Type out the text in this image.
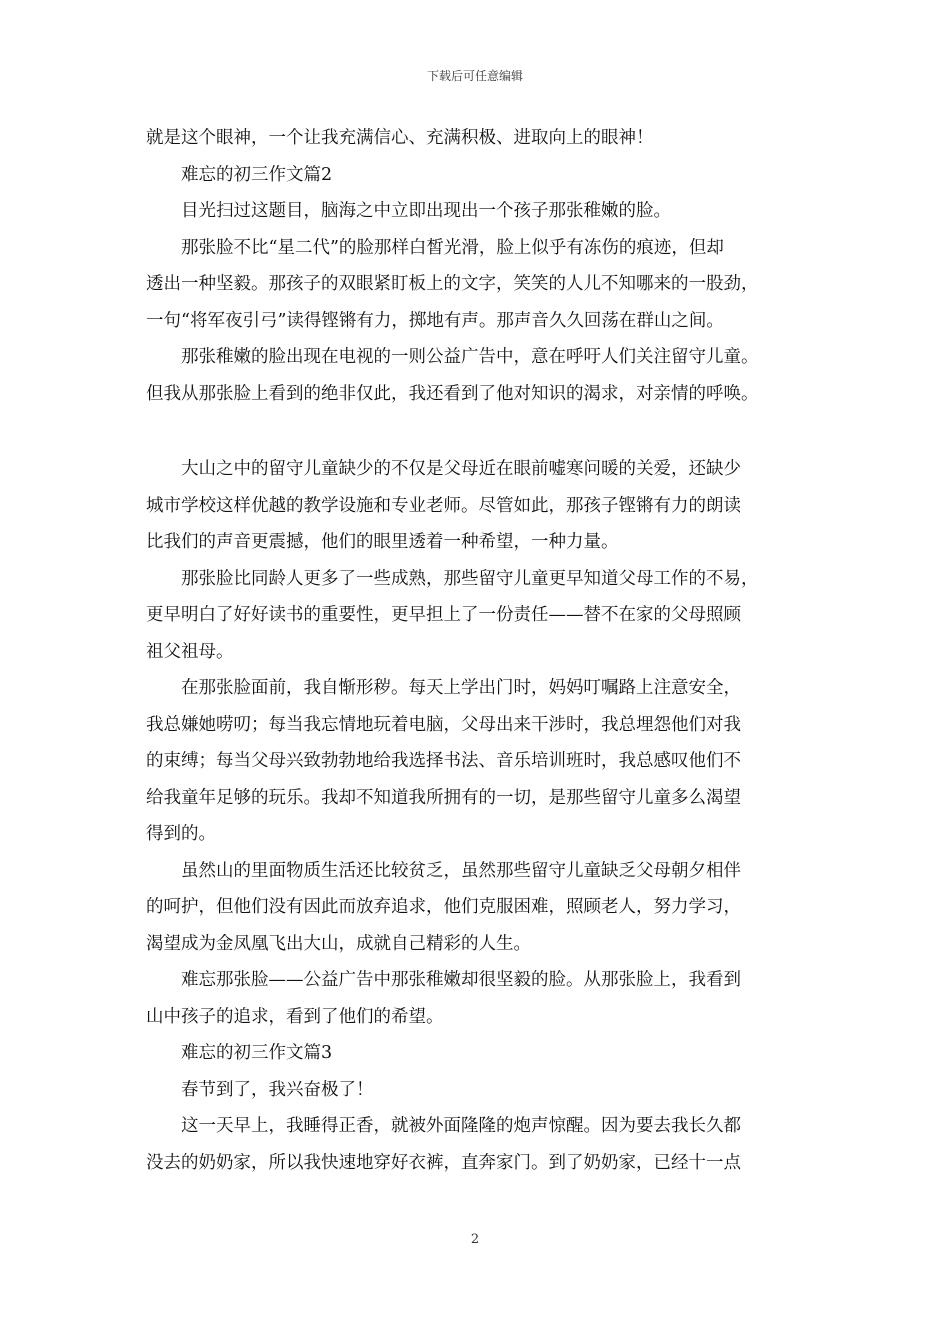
下载后可任意编辑

就是这个眼神，一个让我充满信心、充满积极、进取向上的眼神！

　　难忘的初三作文篇2

　　目光扫过这题目，脑海之中立即出现出一个孩子那张稚嫩的脸。

　　那张脸不比“星二代”的脸那样白皙光滑，脸上似乎有冻伤的痕迹，但却

透出一种坚毅。那孩子的双眼紧盯板上的文字，笑笑的人儿不知哪来的一股劲，

一句“将军夜引弓”读得铿锵有力，掷地有声。那声音久久回荡在群山之间。

　　那张稚嫩的脸出现在电视的一则公益广告中，意在呼吁人们关注留守儿童。

但我从那张脸上看到的绝非仅此，我还看到了他对知识的渴求，对亲情的呼唤。

　　大山之中的留守儿童缺少的不仅是父母近在眼前嘘寒问暖的关爱，还缺少

城市学校这样优越的教学设施和专业老师。尽管如此，那孩子铿锵有力的朗读

比我们的声音更震撼，他们的眼里透着一种希望，一种力量。

　　那张脸比同龄人更多了一些成熟，那些留守儿童更早知道父母工作的不易，

更早明白了好好读书的重要性，更早担上了一份责任——替不在家的父母照顾

祖父祖母。

　　在那张脸面前，我自惭形秽。每天上学出门时，妈妈叮嘱路上注意安全，

我总嫌她唠叨；每当我忘情地玩着电脑，父母出来干涉时，我总埋怨他们对我

的束缚；每当父母兴致勃勃地给我选择书法、音乐培训班时，我总感叹他们不

给我童年足够的玩乐。我却不知道我所拥有的一切，是那些留守儿童多么渴望

得到的。

　　虽然山的里面物质生活还比较贫乏，虽然那些留守儿童缺乏父母朝夕相伴

的呵护，但他们没有因此而放弃追求，他们克服困难，照顾老人，努力学习，

渴望成为金凤凰飞出大山，成就自己精彩的人生。

　　难忘那张脸——公益广告中那张稚嫩却很坚毅的脸。从那张脸上，我看到

山中孩子的追求，看到了他们的希望。

　　难忘的初三作文篇3

　　春节到了，我兴奋极了！

　　这一天早上，我睡得正香，就被外面隆隆的炮声惊醒。因为要去我长久都

没去的奶奶家，所以我快速地穿好衣裤，直奔家门。到了奶奶家，已经十一点

2
